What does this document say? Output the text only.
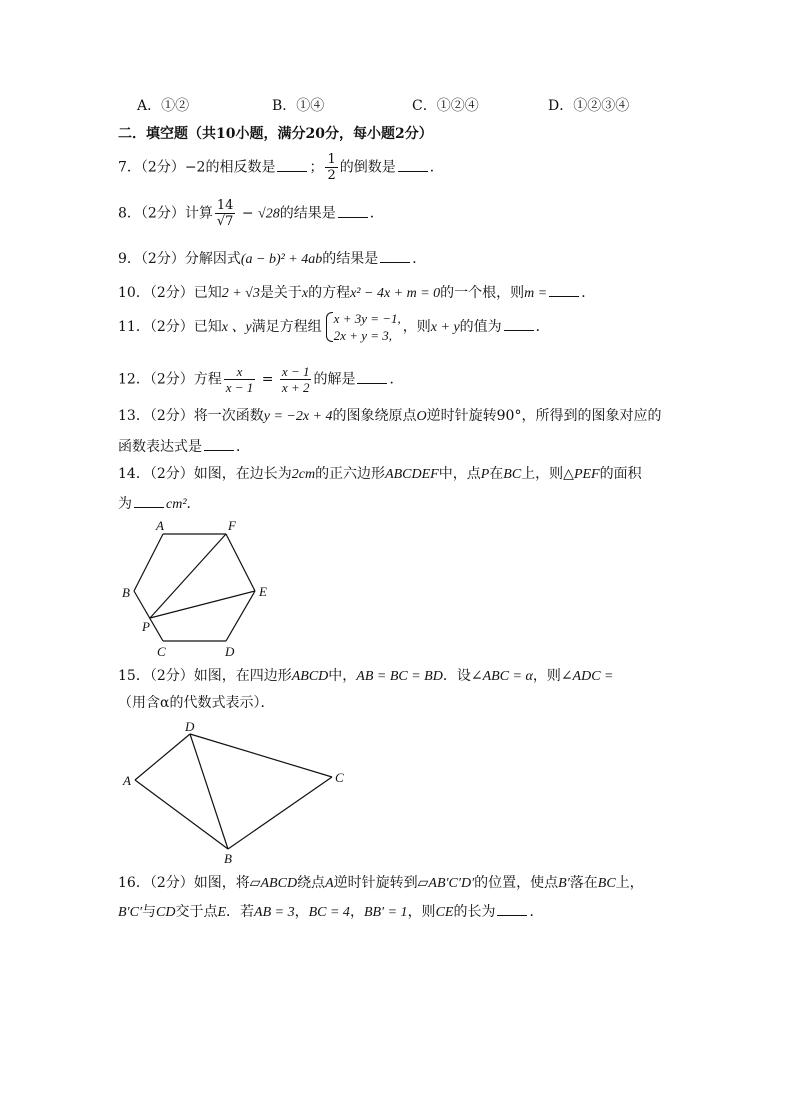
A．①②	B．①④	C．①②④	D．①②③④
二．填空题（共10小题，满分20分，每小题2分）
7．（2分）−2的相反数是 ； $\frac{1}{2}$ 的倒数是 ．
8．（2分）计算 $\frac{14}{√7} - √28$的结果是 ．
9．（2分）分解因式(a − b)² + 4ab的结果是 ．
10．（2分）已知2 + √3是关于x的方程x² − 4x + m = 0的一个根，则m = ．
11．（2分）已知x 、y满足方程组
x + 3y = −1,
2x + y = 3,
，则x + y的值为 ．
12．（2分）方程 $\frac{x}{x - 1} = \frac{x - 1}{x + 2}$ 的解是 ．
13．（2分）将一次函数y = −2x + 4的图象绕原点O逆时针旋转90°，所得到的图象对应的
函数表达式是 ．
14．（2分）如图，在边长为2cm的正六边形ABCDEF中，点P在BC上，则△PEF的面积
为 cm²．
A	F
B	E
P
C	D
15．（2分）如图，在四边形ABCD中，AB = BC = BD．设∠ABC = α，则∠ADC =
（用含α的代数式表示）．
D
A	C
B
16．（2分）如图，将▱ABCD绕点A逆时针旋转到▱AB′C′D′的位置，使点B′落在BC上，
B′C′与CD交于点E．若AB = 3，BC = 4，BB′ = 1，则CE的长为 ．
